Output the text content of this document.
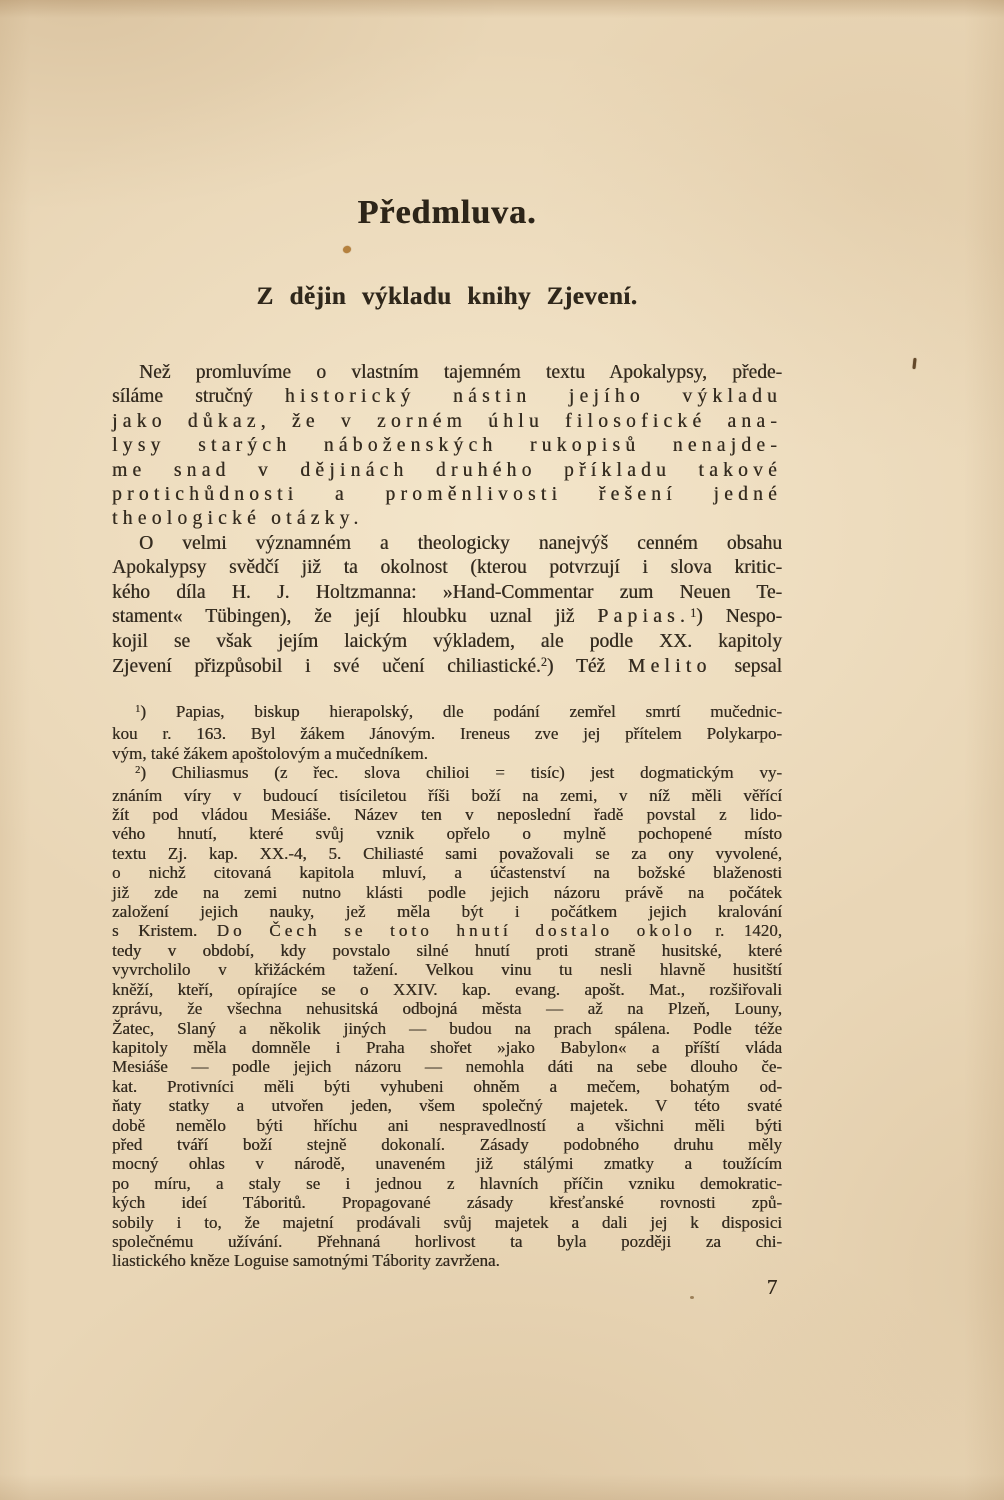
Předmluva.
Z dějin výkladu knihy Zjevení.
Než promluvíme o vlastním tajemném textu Apokalypsy, přede-
síláme stručný historický nástin jejího výkladu
jako důkaz, že v zorném úhlu filosofické ana-
lysy starých náboženských rukopisů nenajde-
me snad v dějinách druhého příkladu takové
protichůdnosti a proměnlivosti řešení jedné
theologické otázky.
O velmi významném a theologicky nanejvýš cenném obsahu
Apokalypsy svědčí již ta okolnost (kterou potvrzují i slova kritic-
kého díla H. J. Holtzmanna: »Hand-Commentar zum Neuen Te-
stament« Tübingen), že její hloubku uznal již Papias.$^1$) Nespo-
kojil se však jejím laickým výkladem, ale podle XX. kapitoly
Zjevení přizpůsobil i své učení chiliastické.$^2$) Též Melito sepsal
$^1$) Papias, biskup hierapolský, dle podání zemřel smrtí mučednic-
kou r. 163. Byl žákem Jánovým. Ireneus zve jej přítelem Polykarpo-
vým, také žákem apoštolovým a mučedníkem.
$^2$) Chiliasmus (z řec. slova chilioi = tisíc) jest dogmatickým vy-
znáním víry v budoucí tisíciletou říši boží na zemi, v níž měli věřící
žít pod vládou Mesiáše. Název ten v neposlední řadě povstal z lido-
vého hnutí, které svůj vznik opřelo o mylně pochopené místo
textu Zj. kap. XX.-4, 5. Chiliasté sami považovali se za ony vyvolené,
o nichž citovaná kapitola mluví, a účastenství na božské blaženosti
již zde na zemi nutno klásti podle jejich názoru právě na počátek
založení jejich nauky, jež měla být i počátkem jejich kralování
s Kristem. Do Čech se toto hnutí dostalo okolo r. 1420,
tedy v období, kdy povstalo silné hnutí proti straně husitské, které
vyvrcholilo v křižáckém tažení. Velkou vinu tu nesli hlavně husitští
kněží, kteří, opírajíce se o XXIV. kap. evang. apošt. Mat., rozšiřovali
zprávu, že všechna nehusitská odbojná města — až na Plzeň, Louny,
Žatec, Slaný a několik jiných — budou na prach spálena. Podle téže
kapitoly měla domněle i Praha shořet »jako Babylon« a příští vláda
Mesiáše — podle jejich názoru — nemohla dáti na sebe dlouho če-
kat. Protivníci měli býti vyhubeni ohněm a mečem, bohatým od-
ňaty statky a utvořen jeden, všem společný majetek. V této svaté
době nemělo býti hříchu ani nespravedlností a všichni měli býti
před tváří boží stejně dokonalí. Zásady podobného druhu měly
mocný ohlas v národě, unaveném již stálými zmatky a toužícím
po míru, a staly se i jednou z hlavních příčin vzniku demokratic-
kých ideí Táboritů. Propagované zásady křesťanské rovnosti způ-
sobily i to, že majetní prodávali svůj majetek a dali jej k disposici
společnému užívání. Přehnaná horlivost ta byla později za chi-
liastického kněze Loguise samotnými Tábority zavržena.
7
